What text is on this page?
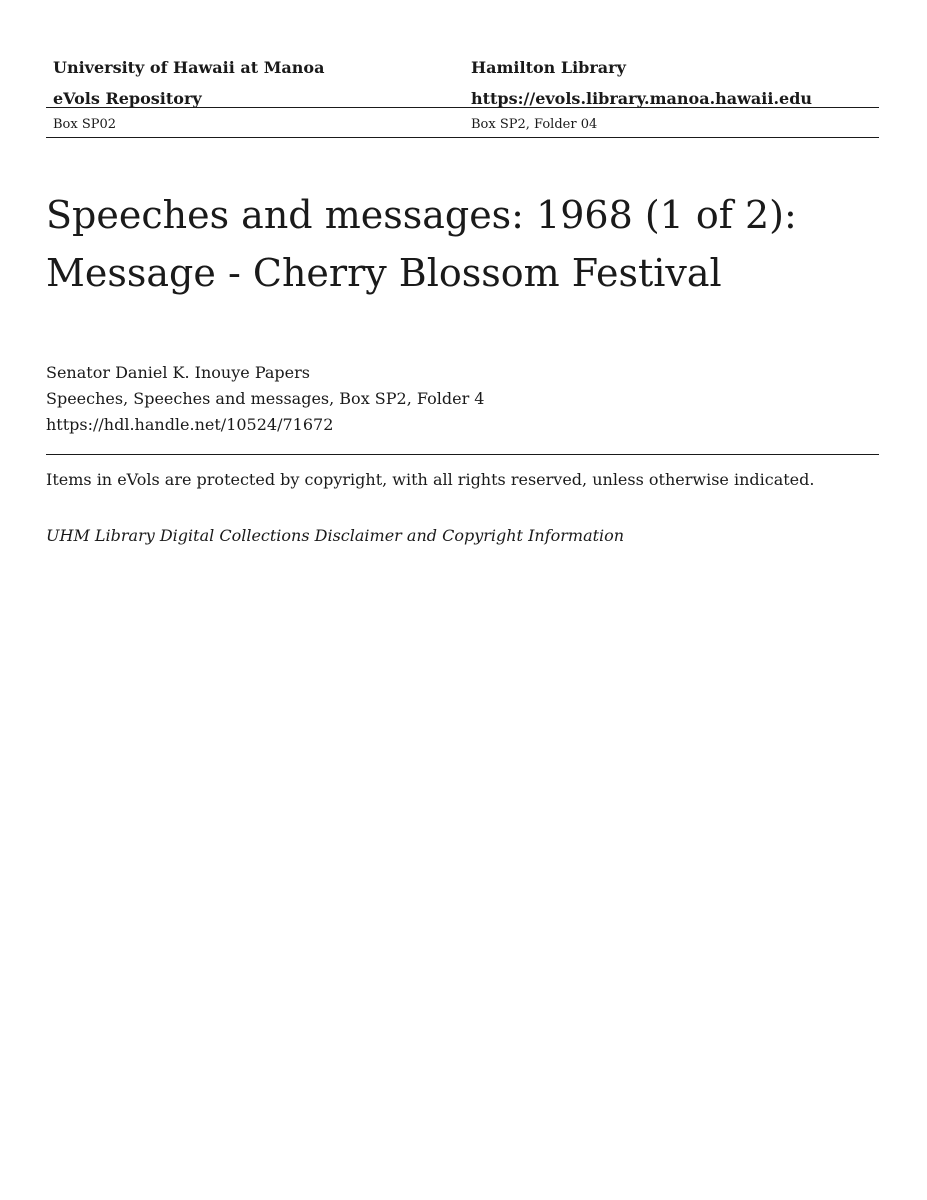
University of Hawaii at Manoa	Hamilton Library
eVols Repository	https://evols.library.manoa.hawaii.edu
Box SP02	Box SP2, Folder 04
Speeches and messages: 1968 (1 of 2):
Message - Cherry Blossom Festival
Senator Daniel K. Inouye Papers
Speeches, Speeches and messages, Box SP2, Folder 4
https://hdl.handle.net/10524/71672
Items in eVols are protected by copyright, with all rights reserved, unless otherwise indicated.
UHM Library Digital Collections Disclaimer and Copyright Information
